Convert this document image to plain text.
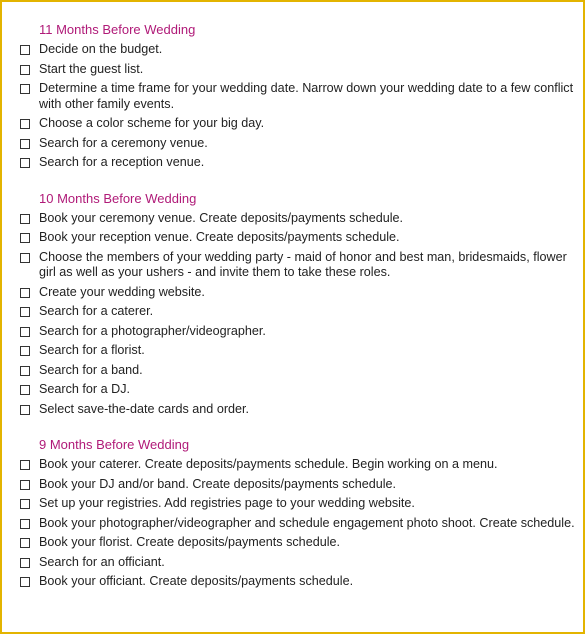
11 Months Before Wedding
Decide on the budget.
Start the guest list.
Determine a time frame for your wedding date. Narrow down your wedding date to a few conflict with other family events.
Choose a color scheme for your big day.
Search for a ceremony venue.
Search for a reception venue.
10 Months Before Wedding
Book your ceremony venue. Create deposits/payments schedule.
Book your reception venue. Create deposits/payments schedule.
Choose the members of your wedding party - maid of honor and best man, bridesmaids, flower girl as well as your ushers - and invite them to take these roles.
Create your wedding website.
Search for a caterer.
Search for a photographer/videographer.
Search for a florist.
Search for a band.
Search for a DJ.
Select save-the-date cards and order.
9 Months Before Wedding
Book your caterer. Create deposits/payments schedule. Begin working on a menu.
Book your DJ and/or band. Create deposits/payments schedule.
Set up your registries. Add registries page to your wedding website.
Book your photographer/videographer and schedule engagement photo shoot. Create schedule.
Book your florist. Create deposits/payments schedule.
Search for an officiant.
Book your officiant. Create deposits/payments schedule.
